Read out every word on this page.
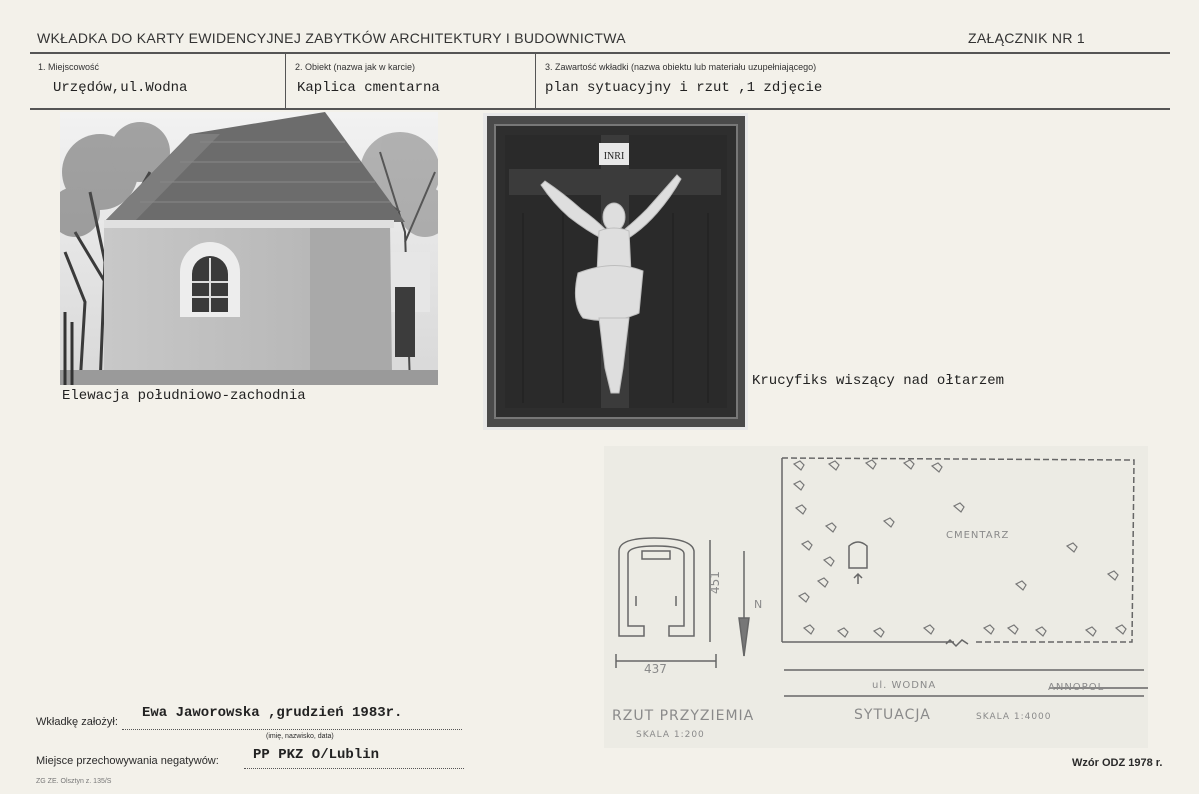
WKŁADKA DO KARTY EWIDENCYJNEJ ZABYTKÓW ARCHITEKTURY I BUDOWNICTWA	ZAŁĄCZNIK NR 1
1. Miejscowość
Urzędów,ul.Wodna
2. Obiekt (nazwa jak w karcie)
Kaplica cmentarna
3. Zawartość wkładki (nazwa obiektu lub materiału uzupełniającego)
plan sytuacyjny i rzut ,1 zdjęcie
Elewacja południowo-zachodnia
INRI
Krucyfiks wiszący nad ołtarzem
RZUT PRZYZIEMIA
SKALA 1:200
437
451
N
CMENTARZ
ul. WODNA	ANNOPOL
SYTUACJA	SKALA 1:4000
Wkładkę założył:
Ewa Jaworowska ,grudzień 1983r.
(imię, nazwisko, data)
Miejsce przechowywania negatywów: PP PKZ O/Lublin
ZG ZE. Olsztyn z. 135/S
Wzór ODZ 1978 r.
